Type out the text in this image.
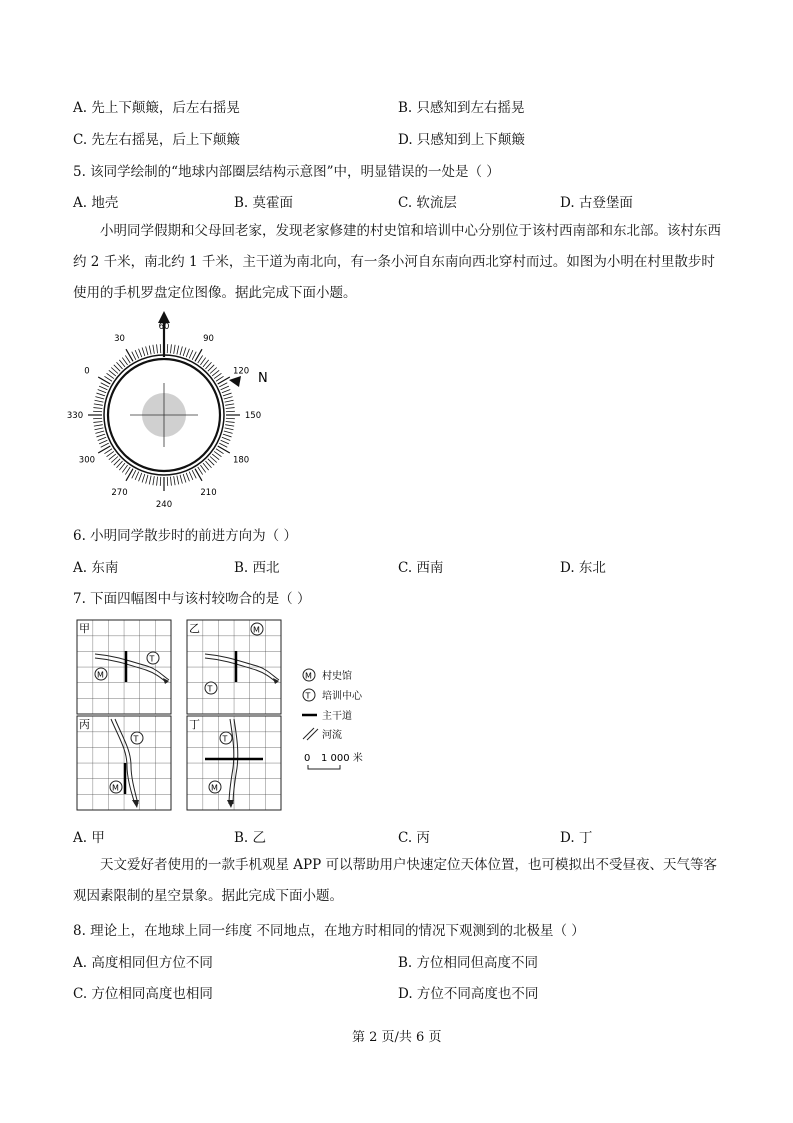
A. 先上下颠簸，后左右摇晃	B. 只感知到左右摇晃
C. 先左右摇晃，后上下颠簸	D. 只感知到上下颠簸
5. 该同学绘制的“地球内部圈层结构示意图”中，明显错误的一处是（ ）
A. 地壳	B. 莫霍面	C. 软流层	D. 古登堡面
小明同学假期和父母回老家，发现老家修建的村史馆和培训中心分别位于该村西南部和东北部。该村东西约 2 千米，南北约 1 千米，主干道为南北向，有一条小河自东南向西北穿村而过。如图为小明在村里散步时使用的手机罗盘定位图像。据此完成下面小题。
0
30
60
90
120
150
180
210
240
270
300
330
N
6. 小明同学散步时的前进方向为（ ）
A. 东南	B. 西北	C. 西南	D. 东北
7. 下面四幅图中与该村较吻合的是（ ）
甲
T
M
乙	M
T
丙
T
M
丁
T
M
M 村史馆
T 培训中心
主干道
河流
0 1 000 米
A. 甲	B. 乙	C. 丙	D. 丁
天文爱好者使用的一款手机观星 APP 可以帮助用户快速定位天体位置，也可模拟出不受昼夜、天气等客观因素限制的星空景象。据此完成下面小题。
8. 理论上，在地球上同一纬度 不同地点，在地方时相同的情况下观测到的北极星（ ）
A. 高度相同但方位不同	B. 方位相同但高度不同
C. 方位相同高度也相同	D. 方位不同高度也不同
第 2 页/共 6 页
